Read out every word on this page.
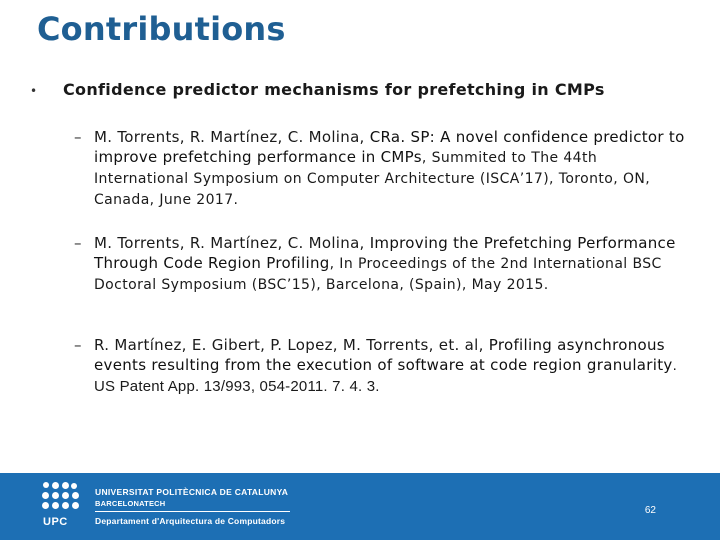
Contributions
•	Confidence predictor mechanisms for prefetching in CMPs
– M. Torrents, R. Martínez, C. Molina, CRa. SP: A novel confidence predictor to improve prefetching performance in CMPs, Summited to The 44th International Symposium on Computer Architecture (ISCA’17), Toronto, ON, Canada, June 2017.
– M. Torrents, R. Martínez, C. Molina, Improving the Prefetching Performance Through Code Region Profiling, In Proceedings of the 2nd International BSC Doctoral Symposium (BSC’15), Barcelona, (Spain), May 2015.
– R. Martínez, E. Gibert, P. Lopez, M. Torrents, et. al, Profiling asynchronous events resulting from the execution of software at code region granularity. US Patent App. 13/993, 054-2011. 7. 4. 3.
UPC
UNIVERSITAT POLITÈCNICA DE CATALUNYA
BARCELONATECH
Departament d'Arquitectura de Computadors
62
